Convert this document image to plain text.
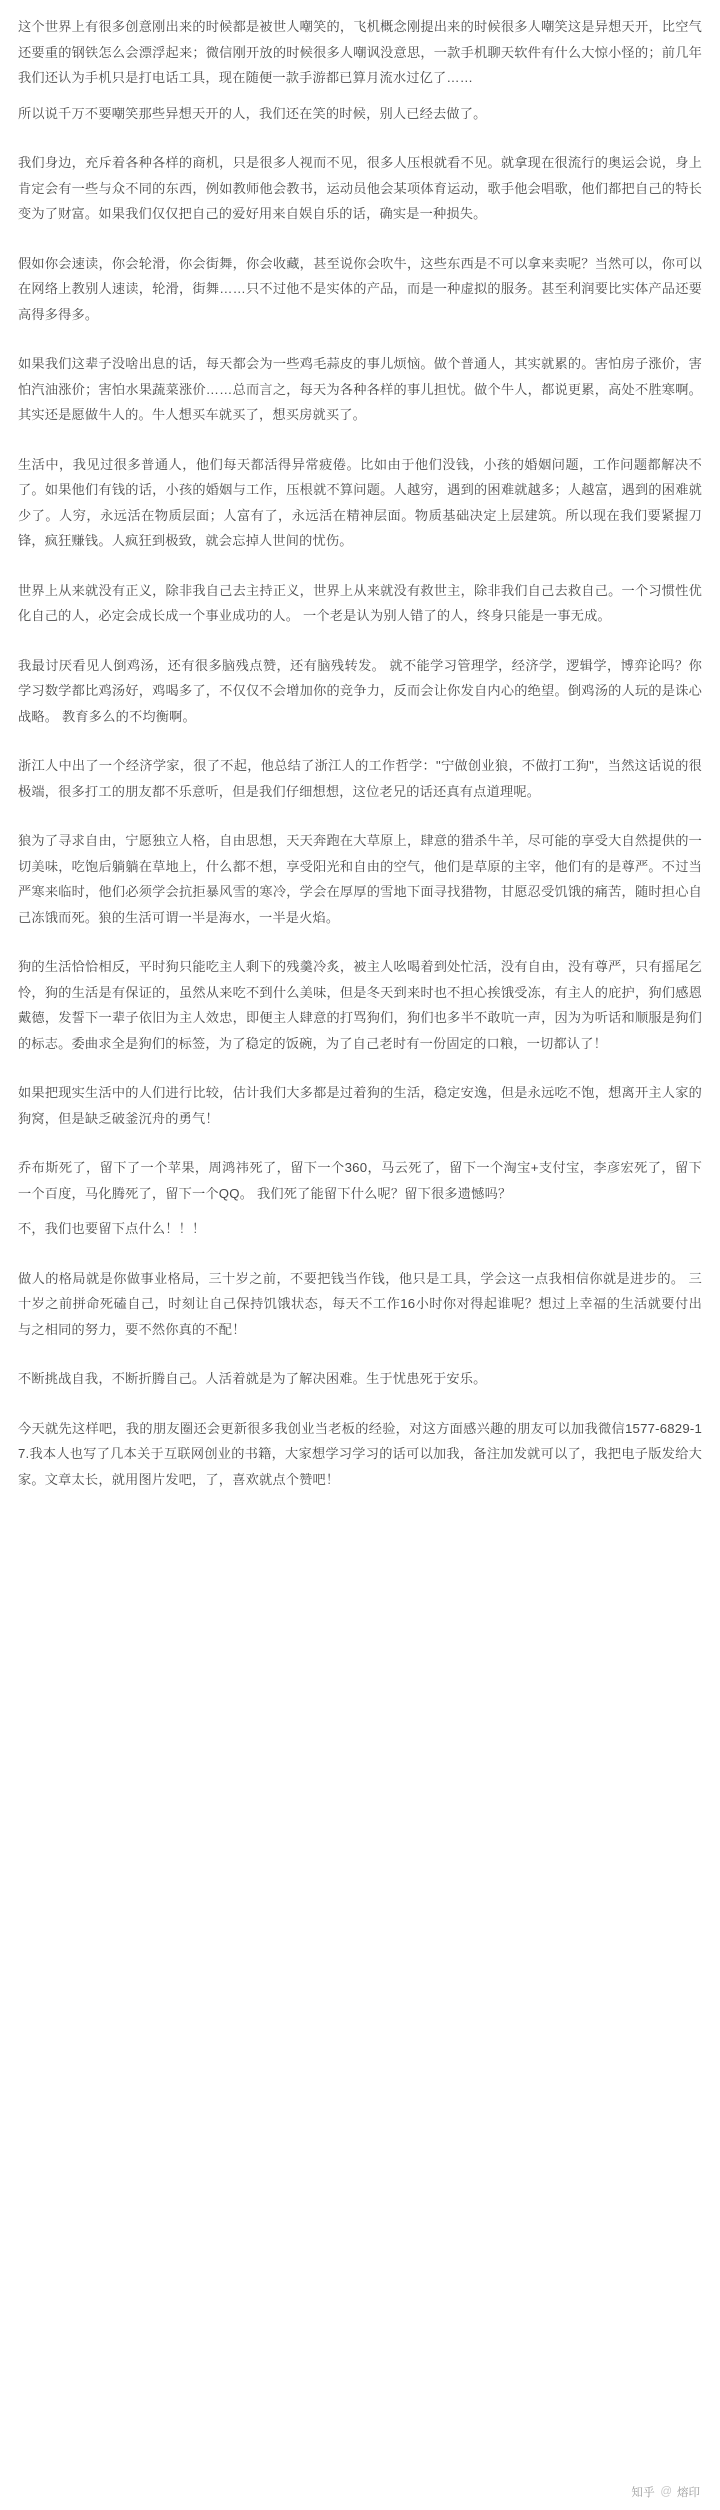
这个世界上有很多创意刚出来的时候都是被世人嘲笑的，飞机概念刚提出来的时候很多人嘲笑这是异想天开，比空气还要重的钢铁怎么会漂浮起来；微信刚开放的时候很多人嘲讽没意思，一款手机聊天软件有什么大惊小怪的；前几年我们还认为手机只是打电话工具，现在随便一款手游都已算月流水过亿了……

所以说千万不要嘲笑那些异想天开的人，我们还在笑的时候，别人已经去做了。

我们身边，充斥着各种各样的商机，只是很多人视而不见，很多人压根就看不见。就拿现在很流行的奥运会说，身上肯定会有一些与众不同的东西，例如教师他会教书，运动员他会某项体育运动，歌手他会唱歌，他们都把自己的特长变为了财富。如果我们仅仅把自己的爱好用来自娱自乐的话，确实是一种损失。

假如你会速读，你会轮滑，你会街舞，你会收藏，甚至说你会吹牛，这些东西是不可以拿来卖呢？当然可以，你可以在网络上教别人速读，轮滑，街舞……只不过他不是实体的产品，而是一种虚拟的服务。甚至利润要比实体产品还要高得多得多。

如果我们这辈子没啥出息的话，每天都会为一些鸡毛蒜皮的事儿烦恼。做个普通人，其实就累的。害怕房子涨价，害怕汽油涨价；害怕水果蔬菜涨价……总而言之，每天为各种各样的事儿担忧。做个牛人，都说更累，高处不胜寒啊。其实还是愿做牛人的。牛人想买车就买了，想买房就买了。

生活中，我见过很多普通人，他们每天都活得异常疲倦。比如由于他们没钱，小孩的婚姻问题，工作问题都解决不了。如果他们有钱的话，小孩的婚姻与工作，压根就不算问题。人越穷，遇到的困难就越多；人越富，遇到的困难就少了。人穷，永远活在物质层面；人富有了，永远活在精神层面。物质基础决定上层建筑。所以现在我们要紧握刀锋，疯狂赚钱。人疯狂到极致，就会忘掉人世间的忧伤。

世界上从来就没有正义，除非我自己去主持正义，世界上从来就没有救世主，除非我们自己去救自己。一个习惯性优化自己的人，必定会成长成一个事业成功的人。 一个老是认为别人错了的人，终身只能是一事无成。

我最讨厌看见人倒鸡汤，还有很多脑残点赞，还有脑残转发。 就不能学习管理学，经济学，逻辑学，博弈论吗？你学习数学都比鸡汤好，鸡喝多了，不仅仅不会增加你的竞争力，反而会让你发自内心的绝望。倒鸡汤的人玩的是诛心战略。 教育多么的不均衡啊。

浙江人中出了一个经济学家，很了不起，他总结了浙江人的工作哲学："宁做创业狼，不做打工狗"，当然这话说的很极端，很多打工的朋友都不乐意听，但是我们仔细想想，这位老兄的话还真有点道理呢。

狼为了寻求自由，宁愿独立人格，自由思想，天天奔跑在大草原上，肆意的猎杀牛羊，尽可能的享受大自然提供的一切美味，吃饱后躺躺在草地上，什么都不想，享受阳光和自由的空气，他们是草原的主宰，他们有的是尊严。不过当严寒来临时，他们必须学会抗拒暴风雪的寒冷，学会在厚厚的雪地下面寻找猎物，甘愿忍受饥饿的痛苦，随时担心自己冻饿而死。狼的生活可谓一半是海水，一半是火焰。

狗的生活恰恰相反，平时狗只能吃主人剩下的残羹冷炙，被主人吆喝着到处忙活，没有自由，没有尊严，只有摇尾乞怜，狗的生活是有保证的，虽然从来吃不到什么美味，但是冬天到来时也不担心挨饿受冻，有主人的庇护，狗们感恩戴德，发誓下一辈子依旧为主人效忠，即便主人肆意的打骂狗们，狗们也多半不敢吭一声，因为为听话和顺服是狗们的标志。委曲求全是狗们的标签，为了稳定的饭碗，为了自己老时有一份固定的口粮，一切都认了！

如果把现实生活中的人们进行比较，估计我们大多都是过着狗的生活，稳定安逸，但是永远吃不饱，想离开主人家的狗窝，但是缺乏破釜沉舟的勇气！

乔布斯死了，留下了一个苹果，周鸿祎死了，留下一个360，马云死了，留下一个淘宝+支付宝，李彦宏死了，留下一个百度，马化腾死了，留下一个QQ。 我们死了能留下什么呢？留下很多遗憾吗？

不，我们也要留下点什么！！！

做人的格局就是你做事业格局，三十岁之前，不要把钱当作钱，他只是工具，学会这一点我相信你就是进步的。 三十岁之前拼命死磕自己，时刻让自己保持饥饿状态，每天不工作16小时你对得起谁呢？想过上幸福的生活就要付出与之相同的努力，要不然你真的不配！

不断挑战自我，不断折腾自己。人活着就是为了解决困难。生于忧患死于安乐。

今天就先这样吧，我的朋友圈还会更新很多我创业当老板的经验，对这方面感兴趣的朋友可以加我微信1577-6829-17.我本人也写了几本关于互联网创业的书籍，大家想学习学习的话可以加我，备注加发就可以了，我把电子版发给大家。文章太长，就用图片发吧，了，喜欢就点个赞吧！

知乎 @ 熔印
